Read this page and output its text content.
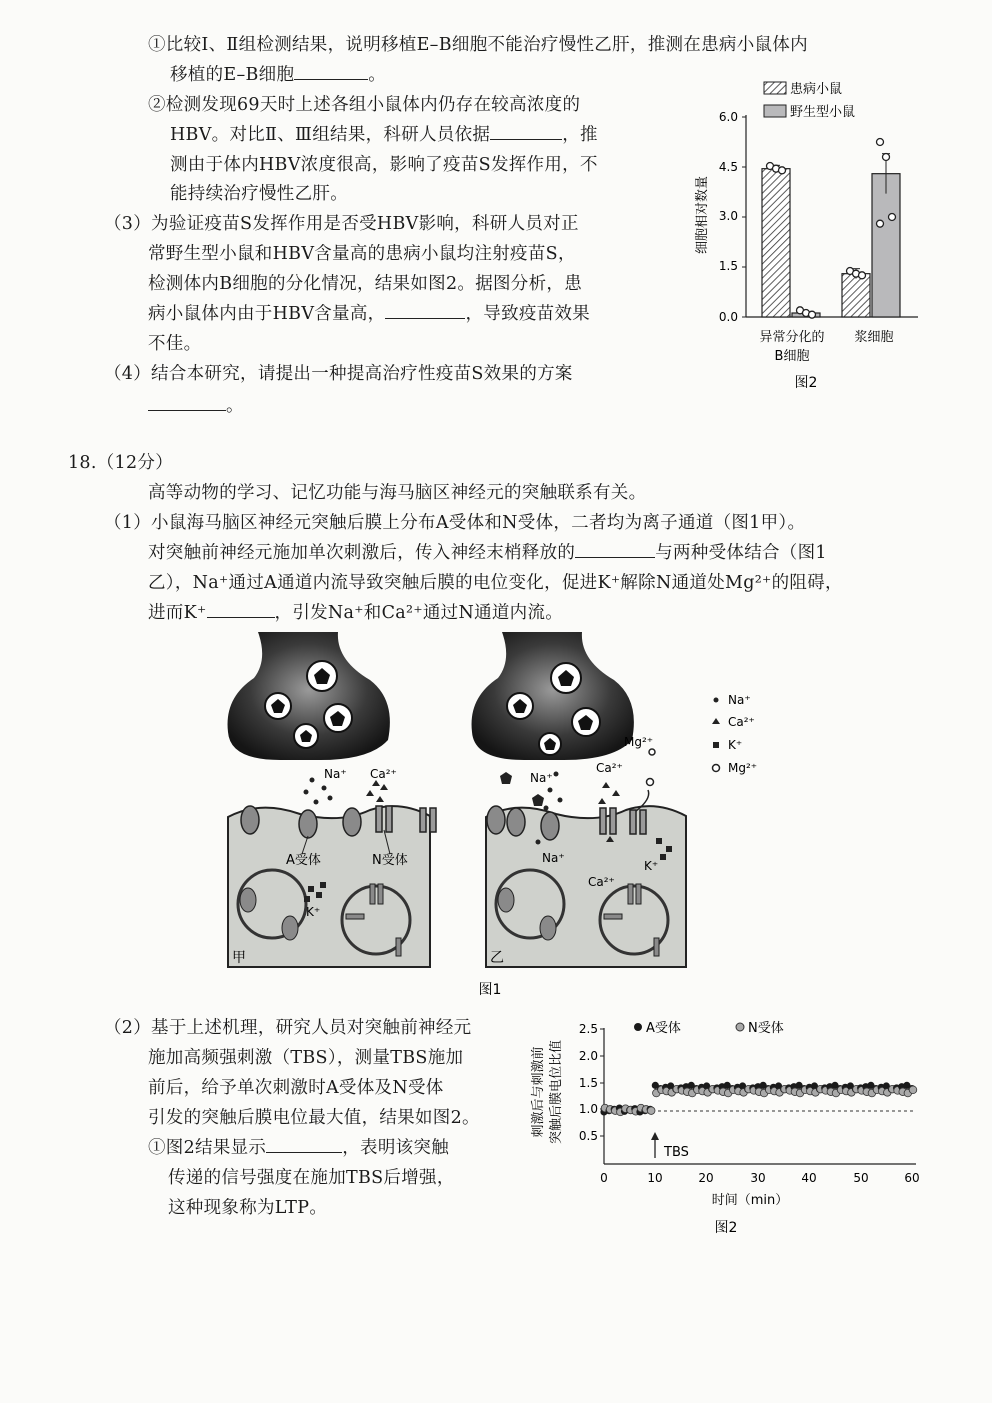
①比较Ⅰ、Ⅱ组检测结果，说明移植E–B细胞不能治疗慢性乙肝，推测在患病小鼠体内
移植的E–B细胞	。
②检测发现69天时上述各组小鼠体内仍存在较高浓度的
HBV。对比Ⅱ、Ⅲ组结果，科研人员依据	，推
测由于体内HBV浓度很高，影响了疫苗S发挥作用，不
能持续治疗慢性乙肝。
（3）为验证疫苗S发挥作用是否受HBV影响，科研人员对正
常野生型小鼠和HBV含量高的患病小鼠均注射疫苗S，
检测体内B细胞的分化情况，结果如图2。据图分析，患
病小鼠体内由于HBV含量高，	，导致疫苗效果
不佳。
（4）结合本研究，请提出一种提高治疗性疫苗S效果的方案
。
患病小鼠
野生型小鼠
6.0
4.5
3.0
1.5
0.0
细胞相对数量
异常分化的
B细胞
浆细胞
图2
18.（12分）
高等动物的学习、记忆功能与海马脑区神经元的突触联系有关。
（1）小鼠海马脑区神经元突触后膜上分布A受体和N受体，二者均为离子通道（图1甲）。
对突触前神经元施加单次刺激后，传入神经末梢释放的	与两种受体结合（图1
乙），Na⁺通过A通道内流导致突触后膜的电位变化，促进K⁺解除N通道处Mg²⁺的阻碍，
进而K⁺	，引发Na⁺和Ca²⁺通过N通道内流。
Na⁺ Ca²⁺
A受体	N受体
K⁺
甲
Na⁺
Ca²⁺
Mg²⁺
Na⁺
Ca²⁺
K⁺
乙
Na⁺
Ca²⁺
K⁺
Mg²⁺
图1
（2）基于上述机理，研究人员对突触前神经元
施加高频强刺激（TBS），测量TBS施加
前后，给予单次刺激时A受体及N受体
引发的突触后膜电位最大值，结果如图2。
①图2结果显示	，表明该突触
传递的信号强度在施加TBS后增强，
这种现象称为LTP。
刺激后与刺激前 突触后膜电位比值
2.5
2.0
1.5
1.0
0.5
0	10	20	30	40	50	60
时间（min）
TBS
A受体	N受体
图2
